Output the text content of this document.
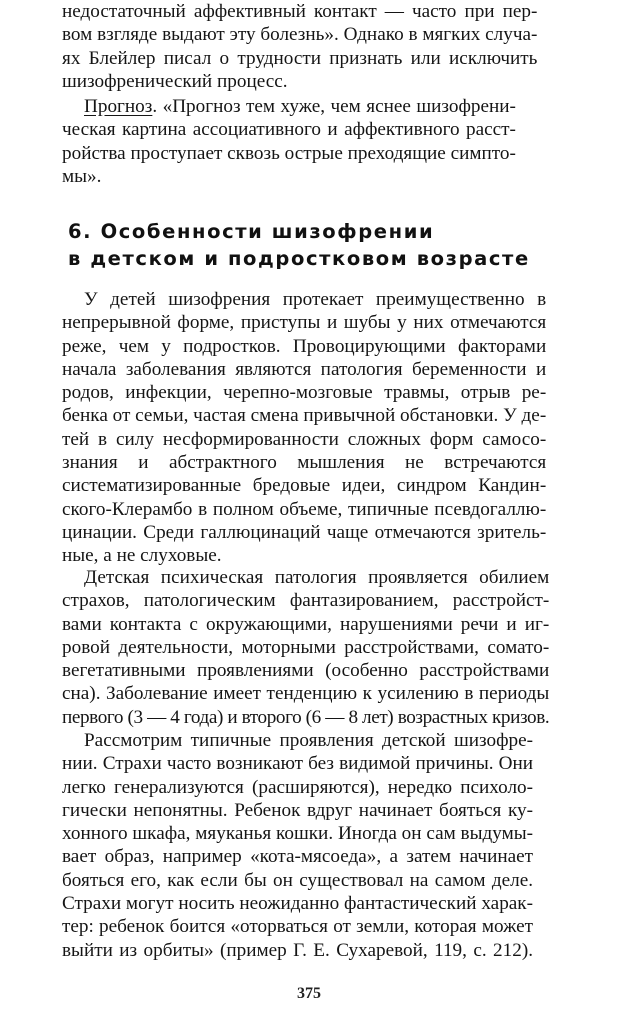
недостаточный аффективный контакт — часто при пер-
вом взгляде выдают эту болезнь». Однако в мягких случа-
ях Блейлер писал о трудности признать или исключить
шизофренический процесс.
Прогноз. «Прогноз тем хуже, чем яснее шизофрени-
ческая картина ассоциативного и аффективного расст-
ройства проступает сквозь острые преходящие симпто-
мы».
6. Особенности шизофрении
в детском и подростковом возрасте
У детей шизофрения протекает преимущественно в
непрерывной форме, приступы и шубы у них отмечаются
реже, чем у подростков. Провоцирующими факторами
начала заболевания являются патология беременности и
родов, инфекции, черепно-мозговые травмы, отрыв ре-
бенка от семьи, частая смена привычной обстановки. У де-
тей в силу несформированности сложных форм самосо-
знания и абстрактного мышления не встречаются
систематизированные бредовые идеи, синдром Кандин-
ского-Клерамбо в полном объеме, типичные псевдогаллю-
цинации. Среди галлюцинаций чаще отмечаются зритель-
ные, а не слуховые.
Детская психическая патология проявляется обилием
страхов, патологическим фантазированием, расстройст-
вами контакта с окружающими, нарушениями речи и иг-
ровой деятельности, моторными расстройствами, сомато-
вегетативными проявлениями (особенно расстройствами
сна). Заболевание имеет тенденцию к усилению в периоды
первого (3 — 4 года) и второго (6 — 8 лет) возрастных кризов.
Рассмотрим типичные проявления детской шизофре-
нии. Страхи часто возникают без видимой причины. Они
легко генерализуются (расширяются), нередко психоло-
гически непонятны. Ребенок вдруг начинает бояться ку-
хонного шкафа, мяуканья кошки. Иногда он сам выдумы-
вает образ, например «кота-мясоеда», а затем начинает
бояться его, как если бы он существовал на самом деле.
Страхи могут носить неожиданно фантастический харак-
тер: ребенок боится «оторваться от земли, которая может
выйти из орбиты» (пример Г. Е. Сухаревой, 119, с. 212).
375
